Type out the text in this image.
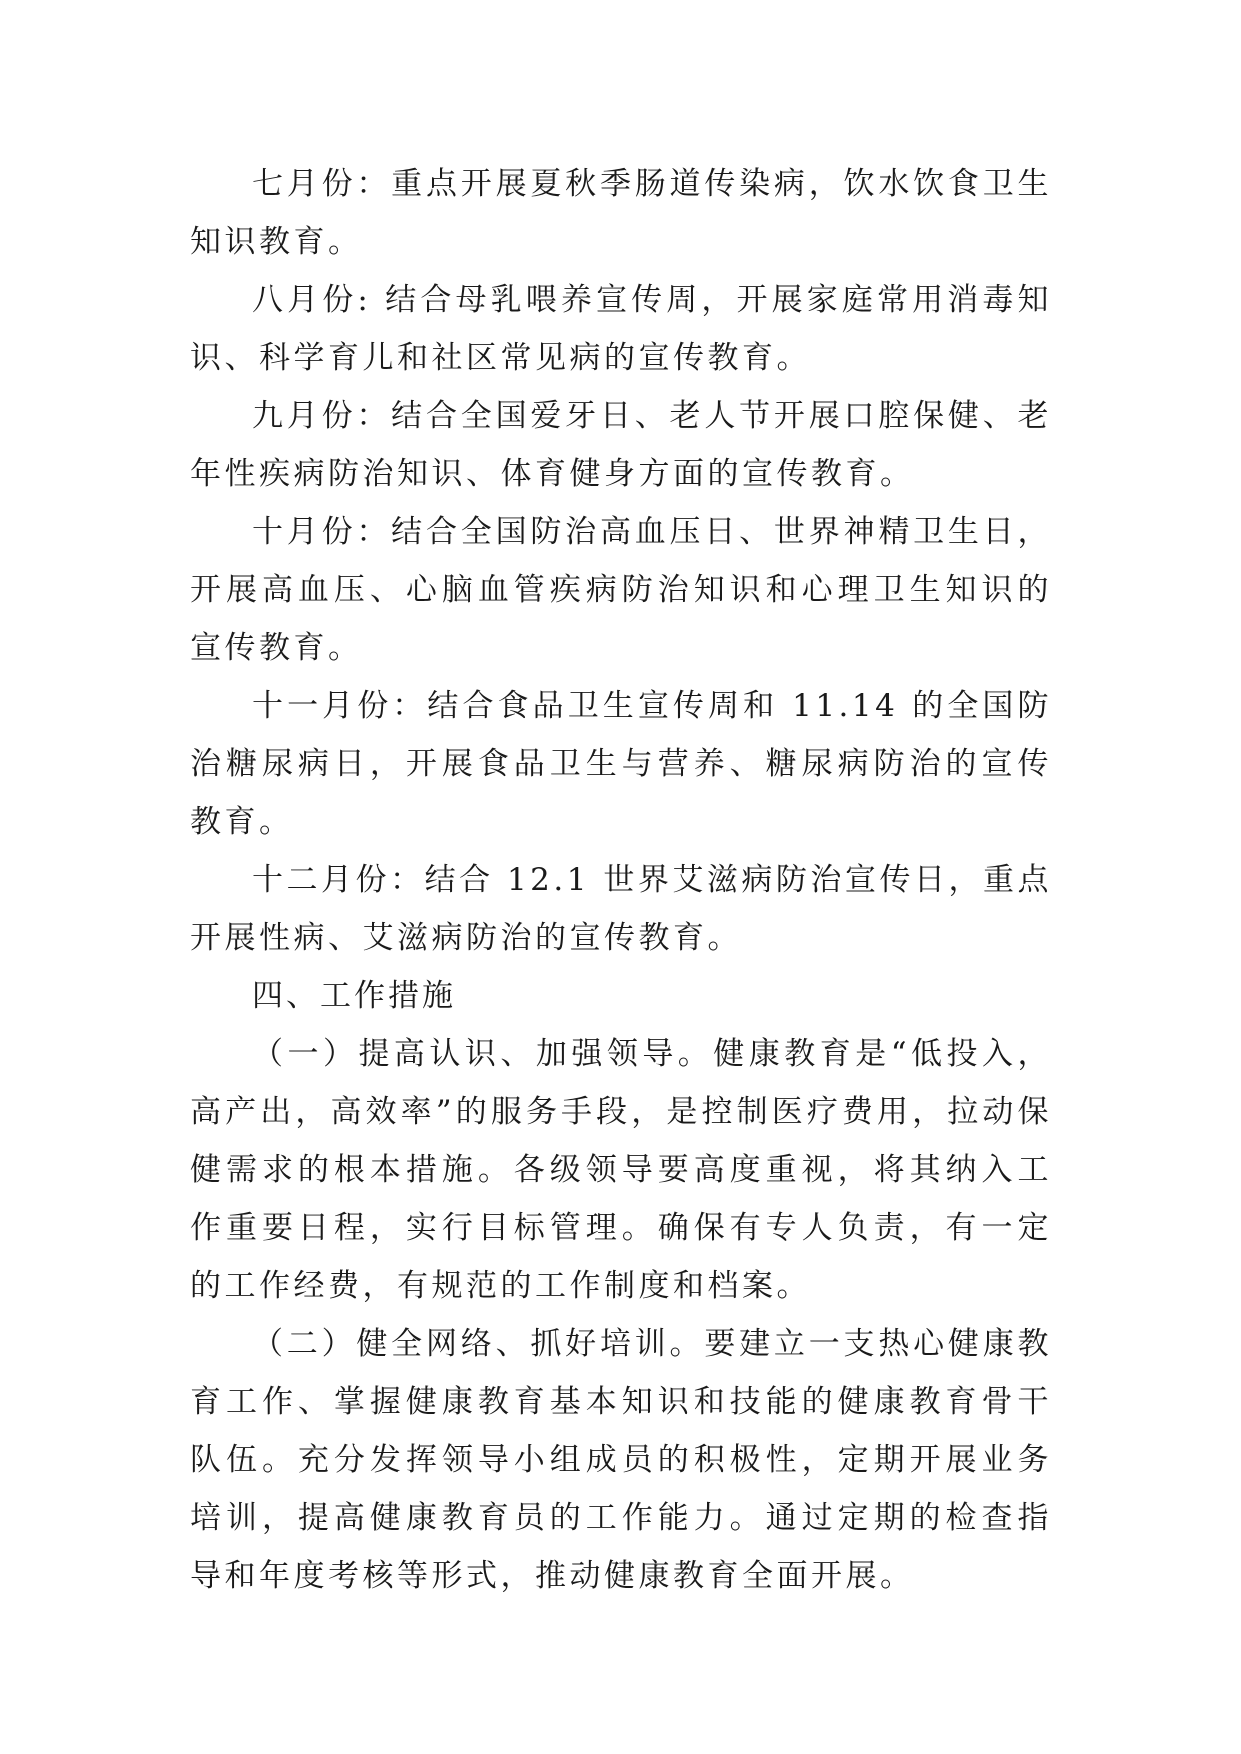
七月份：重点开展夏秋季肠道传染病，饮水饮食卫生知识教育。

八月份: 结合母乳喂养宣传周，开展家庭常用消毒知识、科学育儿和社区常见病的宣传教育。

九月份：结合全国爱牙日、老人节开展口腔保健、老年性疾病防治知识、体育健身方面的宣传教育。

十月份：结合全国防治高血压日、世界神精卫生日，开展高血压、心脑血管疾病防治知识和心理卫生知识的宣传教育。

十一月份：结合食品卫生宣传周和 11.14 的全国防治糖尿病日，开展食品卫生与营养、糖尿病防治的宣传教育。

十二月份：结合 12.1 世界艾滋病防治宣传日，重点开展性病、艾滋病防治的宣传教育。

四、工作措施

（一）提高认识、加强领导。健康教育是“低投入，高产出，高效率”的服务手段，是控制医疗费用，拉动保健需求的根本措施。各级领导要高度重视，将其纳入工作重要日程，实行目标管理。确保有专人负责，有一定的工作经费，有规范的工作制度和档案。

（二）健全网络、抓好培训。要建立一支热心健康教育工作、掌握健康教育基本知识和技能的健康教育骨干队伍。充分发挥领导小组成员的积极性，定期开展业务培训，提高健康教育员的工作能力。通过定期的检查指导和年度考核等形式，推动健康教育全面开展。
